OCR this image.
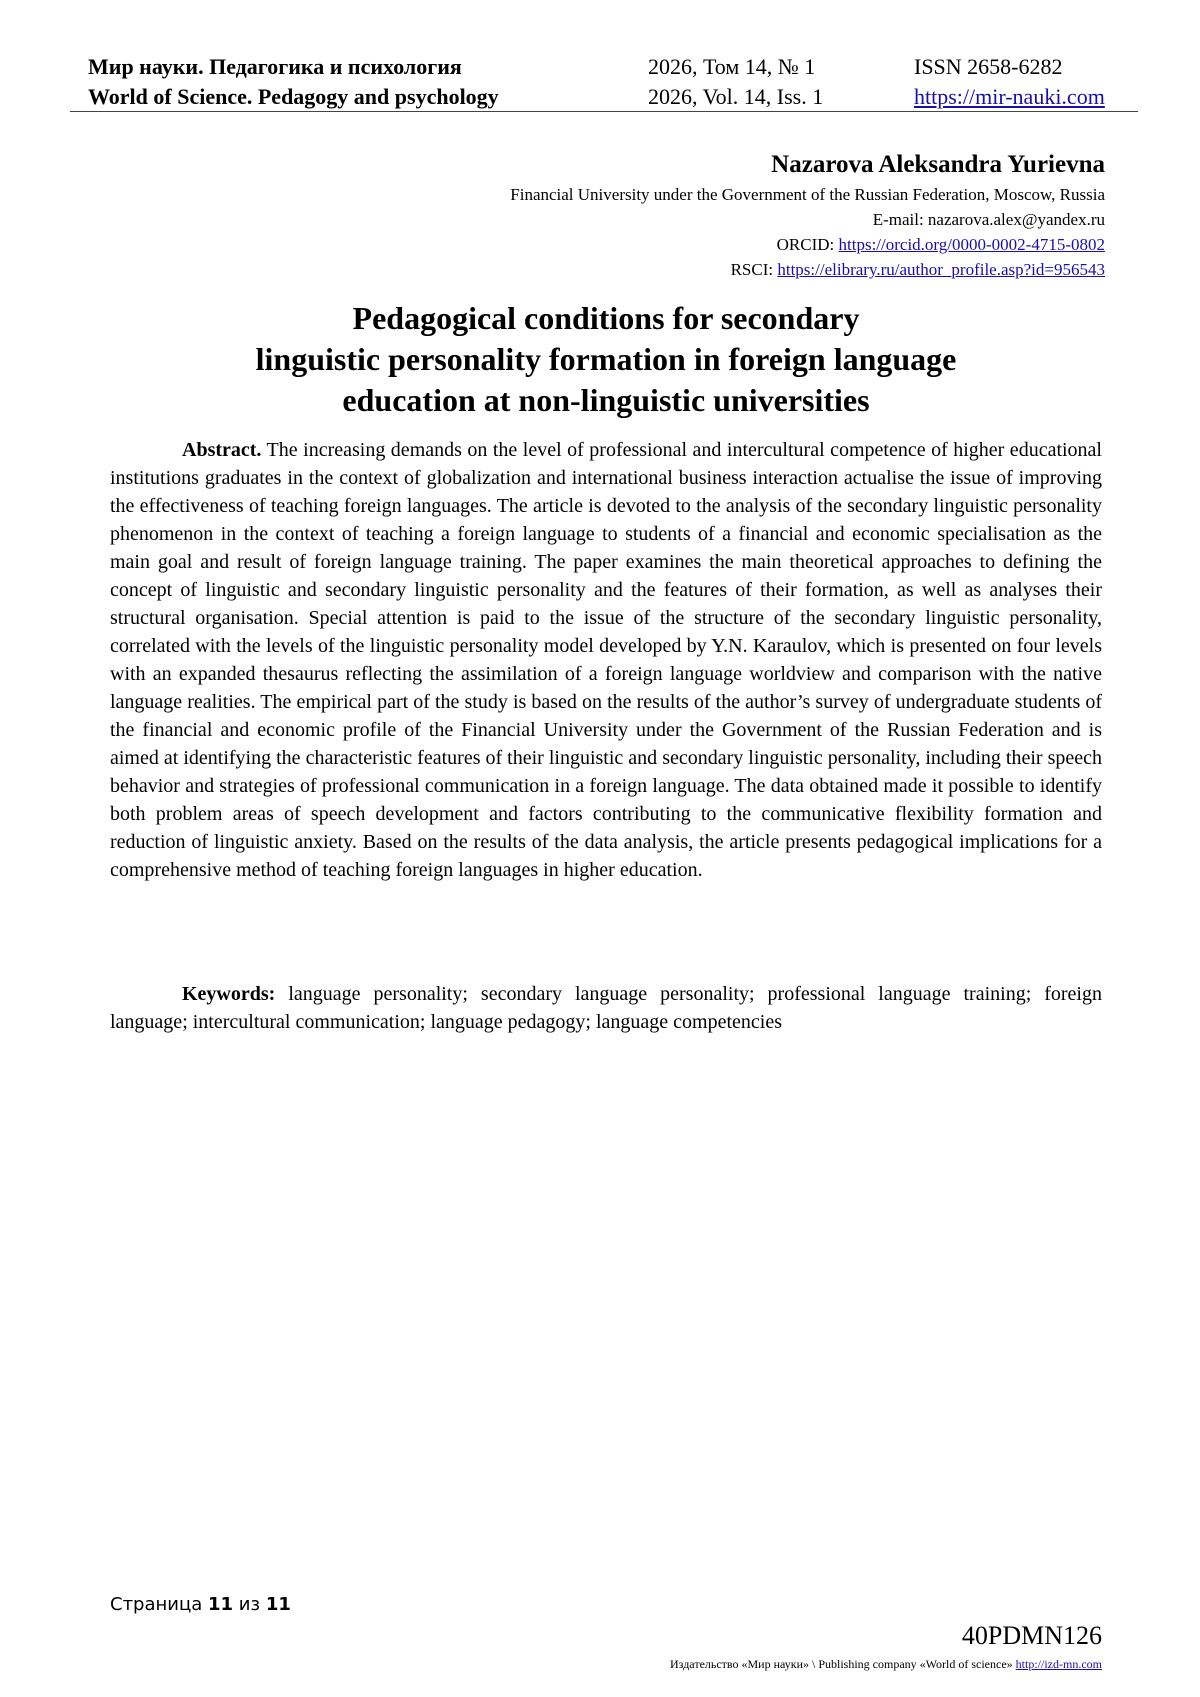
Мир науки. Педагогика и психология	2026, Том 14, № 1	ISSN 2658-6282
World of Science. Pedagogy and psychology	2026, Vol. 14, Iss. 1	https://mir-nauki.com
Nazarova Aleksandra Yurievna
Financial University under the Government of the Russian Federation, Moscow, Russia
E-mail: nazarova.alex@yandex.ru
ORCID: https://orcid.org/0000-0002-4715-0802
RSCI: https://elibrary.ru/author_profile.asp?id=956543
Pedagogical conditions for secondary
linguistic personality formation in foreign language
education at non-linguistic universities

Abstract. The increasing demands on the level of professional and intercultural competence of higher educational institutions graduates in the context of globalization and international business interaction actualise the issue of improving the effectiveness of teaching foreign languages. The article is devoted to the analysis of the secondary linguistic personality phenomenon in the context of teaching a foreign language to students of a financial and economic specialisation as the main goal and result of foreign language training. The paper examines the main theoretical approaches to defining the concept of linguistic and secondary linguistic personality and the features of their formation, as well as analyses their structural organisation. Special attention is paid to the issue of the structure of the secondary linguistic personality, correlated with the levels of the linguistic personality model developed by Y.N. Karaulov, which is presented on four levels with an expanded thesaurus reflecting the assimilation of a foreign language worldview and comparison with the native language realities. The empirical part of the study is based on the results of the author’s survey of undergraduate students of the financial and economic profile of the Financial University under the Government of the Russian Federation and is aimed at identifying the characteristic features of their linguistic and secondary linguistic personality, including their speech behavior and strategies of professional communication in a foreign language. The data obtained made it possible to identify both problem areas of speech development and factors contributing to the communicative flexibility formation and reduction of linguistic anxiety. Based on the results of the data analysis, the article presents pedagogical implications for a comprehensive method of teaching foreign languages in higher education.

Keywords: language personality; secondary language personality; professional language training; foreign language; intercultural communication; language pedagogy; language competencies

Страница 11 из 11
40PDMN126
Издательство «Мир науки» \ Publishing company «World of science» http://izd-mn.com
